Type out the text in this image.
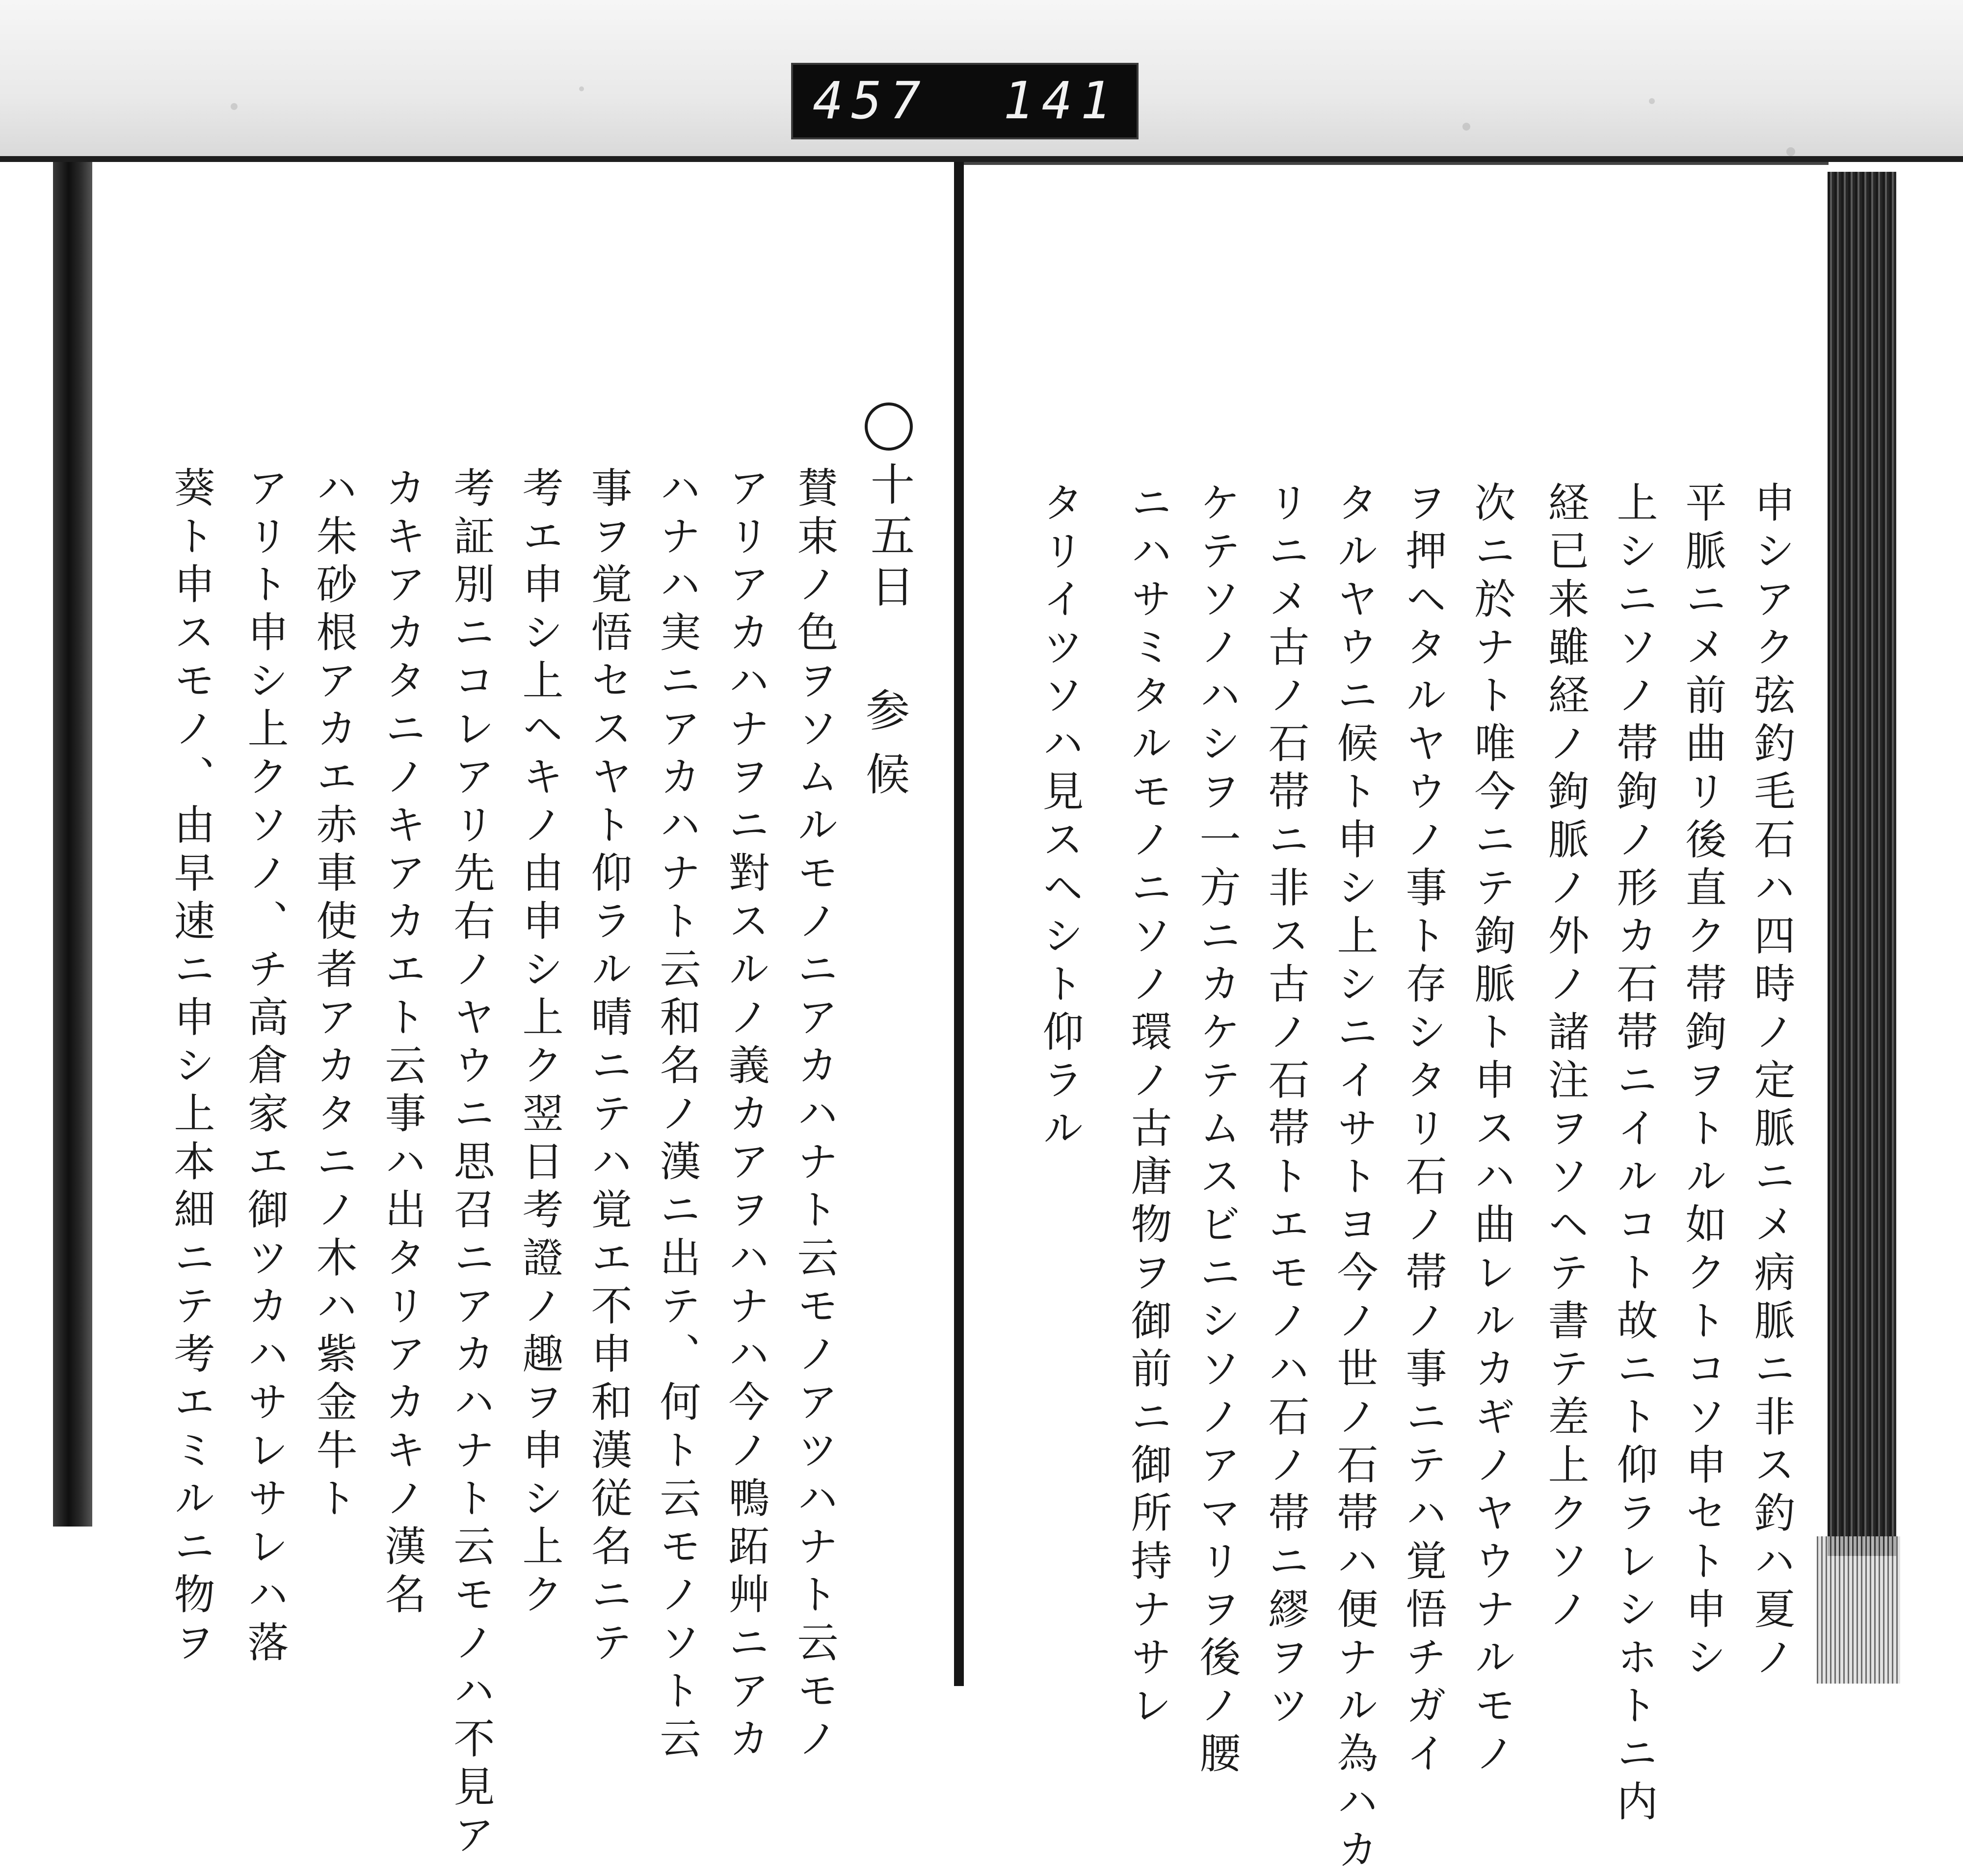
457 141
申シアク弦釣毛石ハ四時ノ定脈ニメ病脈ニ非ス釣ハ夏ノ
平脈ニメ前曲リ後直ク帯鉤ヲトル如クトコソ申セト申シ
上シニソノ帯鉤ノ形カ石帯ニイルコト故ニト仰ラレシホトニ内
経已来雖経ノ鉤脈ノ外ノ諸注ヲソヘテ書テ差上クソノ
次ニ於ナト唯今ニテ鉤脈ト申スハ曲レルカギノヤウナルモノ
ヲ押ヘタルヤウノ事ト存シタリ石ノ帯ノ事ニテハ覚悟チガイ
タルヤウニ候ト申シ上シニイサトヨ今ノ世ノ石帯ハ便ナル為ハカ
リニメ古ノ石帯ニ非ス古ノ石帯トエモノハ石ノ帯ニ繆ヲツ
ケテソノハシヲ一方ニカケテムスビニシソノアマリヲ後ノ腰
ニハサミタルモノニソノ環ノ古唐物ヲ御前ニ御所持ナサレ
タリイツソハ見スヘシト仰ラル
十五日
参候
賛束ノ色ヲソムルモノニアカハナト云モノアツハナト云モノ
アリアカハナヲニ對スルノ義カアヲハナハ今ノ鴨跖艸ニアカ
ハナハ実ニアカハナト云和名ノ漢ニ出テ、何ト云モノソト云
事ヲ覚悟セスヤト仰ラル晴ニテハ覚エ不申和漢従名ニテ
考エ申シ上ヘキノ由申シ上ク翌日考證ノ趣ヲ申シ上ク
考証別ニコレアリ先右ノヤウニ思召ニアカハナト云モノハ不見ア
カキアカタニノキアカエト云事ハ出タリアカキノ漢名
ハ朱砂根アカエ赤車使者アカタニノ木ハ紫金牛ト
アリト申シ上クソノ、チ高倉家エ御ツカハサレサレハ落
葵ト申スモノ、由早速ニ申シ上本細ニテ考エミルニ物ヲ
